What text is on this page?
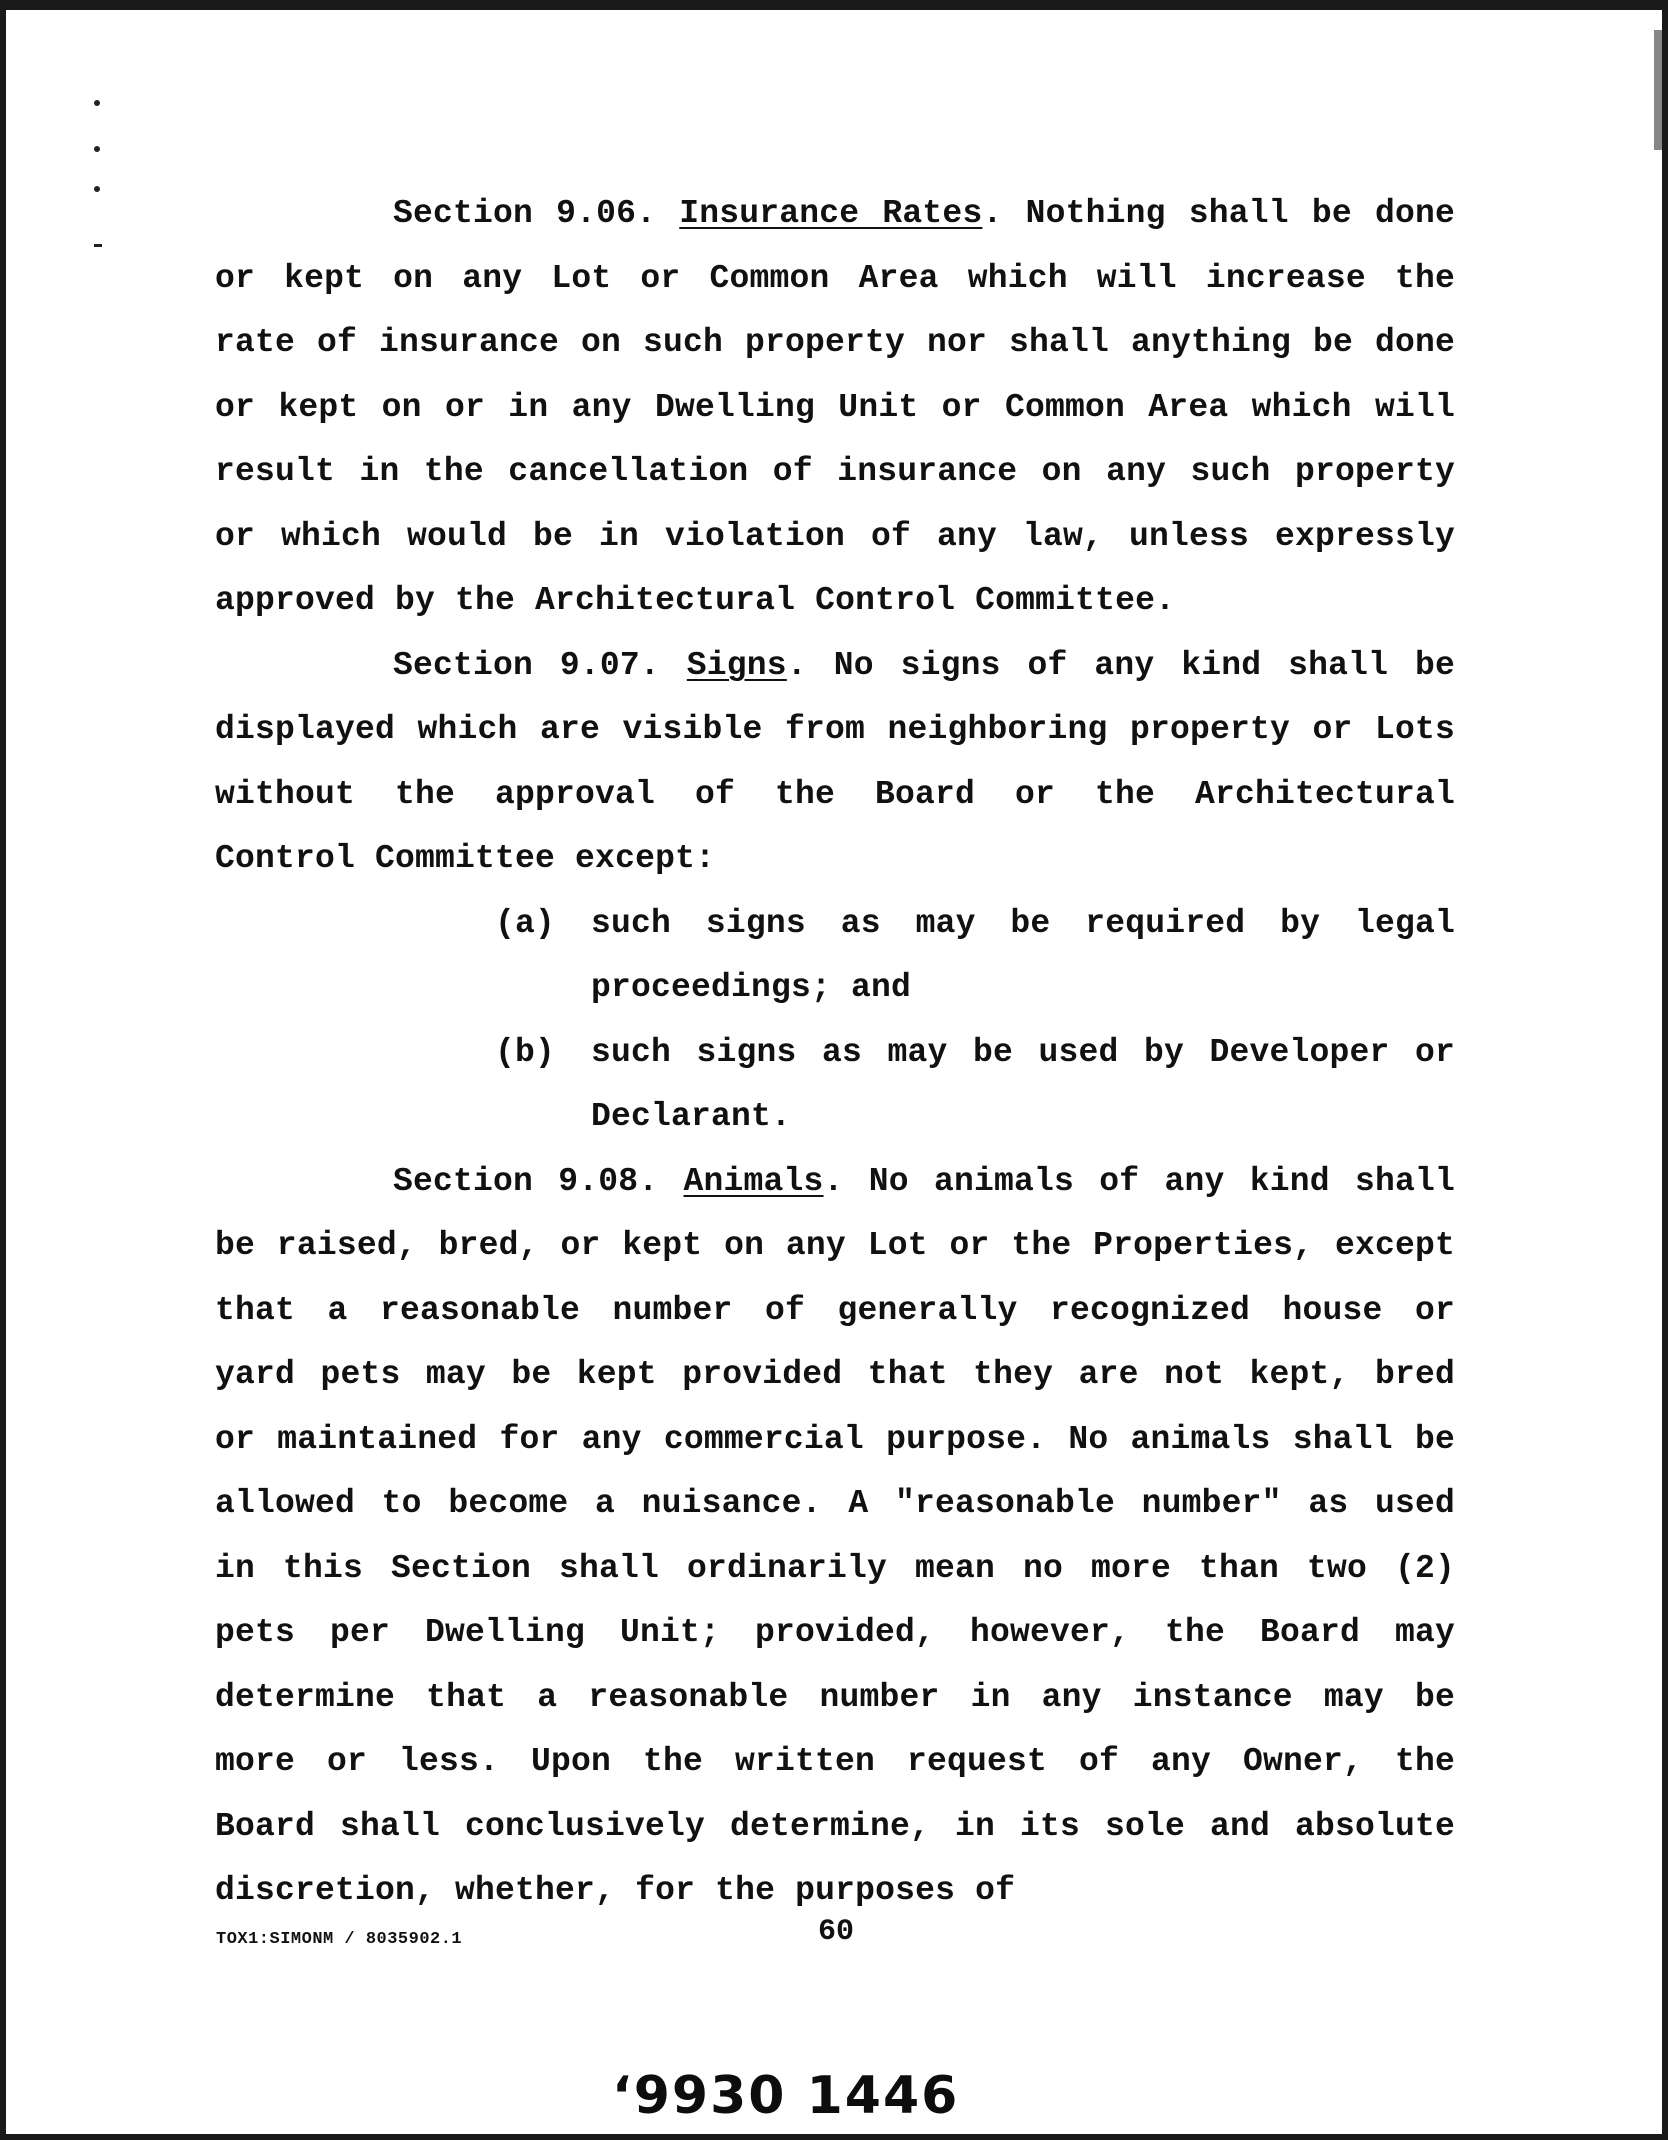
Section 9.06. Insurance Rates. Nothing shall be done or kept on any Lot or Common Area which will increase the rate of insurance on such property nor shall anything be done or kept on or in any Dwelling Unit or Common Area which will result in the cancellation of insurance on any such property or which would be in violation of any law, unless expressly approved by the Architectural Control Committee.

Section 9.07. Signs. No signs of any kind shall be displayed which are visible from neighboring property or Lots without the approval of the Board or the Architectural Control Committee except:

(a)	such signs as may be required by legal proceedings; and
(b)	such signs as may be used by Developer or Declarant.

Section 9.08. Animals. No animals of any kind shall be raised, bred, or kept on any Lot or the Properties, except that a reasonable number of generally recognized house or yard pets may be kept provided that they are not kept, bred or maintained for any commercial purpose. No animals shall be allowed to become a nuisance. A "reasonable number" as used in this Section shall ordinarily mean no more than two (2) pets per Dwelling Unit; provided, however, the Board may determine that a reasonable number in any instance may be more or less. Upon the written request of any Owner, the Board shall conclusively determine, in its sole and absolute discretion, whether, for the purposes of

TOX1:SIMONM / 8035902.1	60
‘9930 1446
